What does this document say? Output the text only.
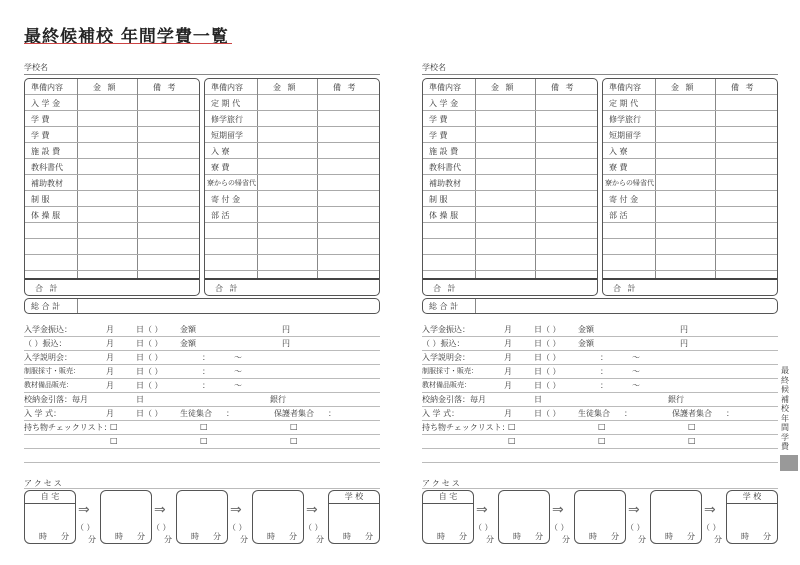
最終候補校 年間学費一覧
学校名
準備内容	金 額	備 考
入 学 金
学 費
学 費
施 設 費
教科書代
補助教材
制 服
体 操 服
合 計
準備内容	金 額	備 考
定 期 代
修学旅行
短期留学
入 寮
寮 費
寮からの帰省代
寄 付 金
部 活
合 計
総 合 計
入学金振込：	月	日（ ） 金額	円
（ ）振込：	月	日（ ） 金額	円
入学説明会：	月	日（ ）	：	〜
制服採寸・販売：	月	日（ ）	：	〜
教材備品販売：	月	日（ ）	：	〜
校納金引落：毎月	日	銀行
入 学 式：	月	日（ ） 生徒集合 ：	保護者集合 ：
持ち物チェックリスト：
□	□	□
□	□	□
アクセス
自 宅
時 分
⇒
（ ）
分 時 分
⇒
（ ）
分 時 分
⇒
（ ）
分 時 分
⇒
（ ）
分
学 校
時 分
学校名
準備内容	金 額	備 考
入 学 金
学 費
学 費
施 設 費
教科書代
補助教材
制 服
体 操 服
合 計
準備内容	金 額	備 考
定 期 代
修学旅行
短期留学
入 寮
寮 費
寮からの帰省代
寄 付 金
部 活
合 計
総 合 計
入学金振込：	月	日（ ） 金額	円
（ ）振込：	月	日（ ） 金額	円
入学説明会：	月	日（ ）	：	〜
制服採寸・販売：	月	日（ ）	：	〜
教材備品販売：	月	日（ ）	：	〜
校納金引落：毎月	日	銀行
入 学 式：	月	日（ ） 生徒集合 ：	保護者集合 ：
持ち物チェックリスト：
□	□	□
□	□	□
アクセス
自 宅
時 分
⇒
（ ）
分 時 分
⇒
（ ）
分 時 分
⇒
（ ）
分 時 分
⇒
（ ）
分
学 校
時 分
最終候補校 年間学費
